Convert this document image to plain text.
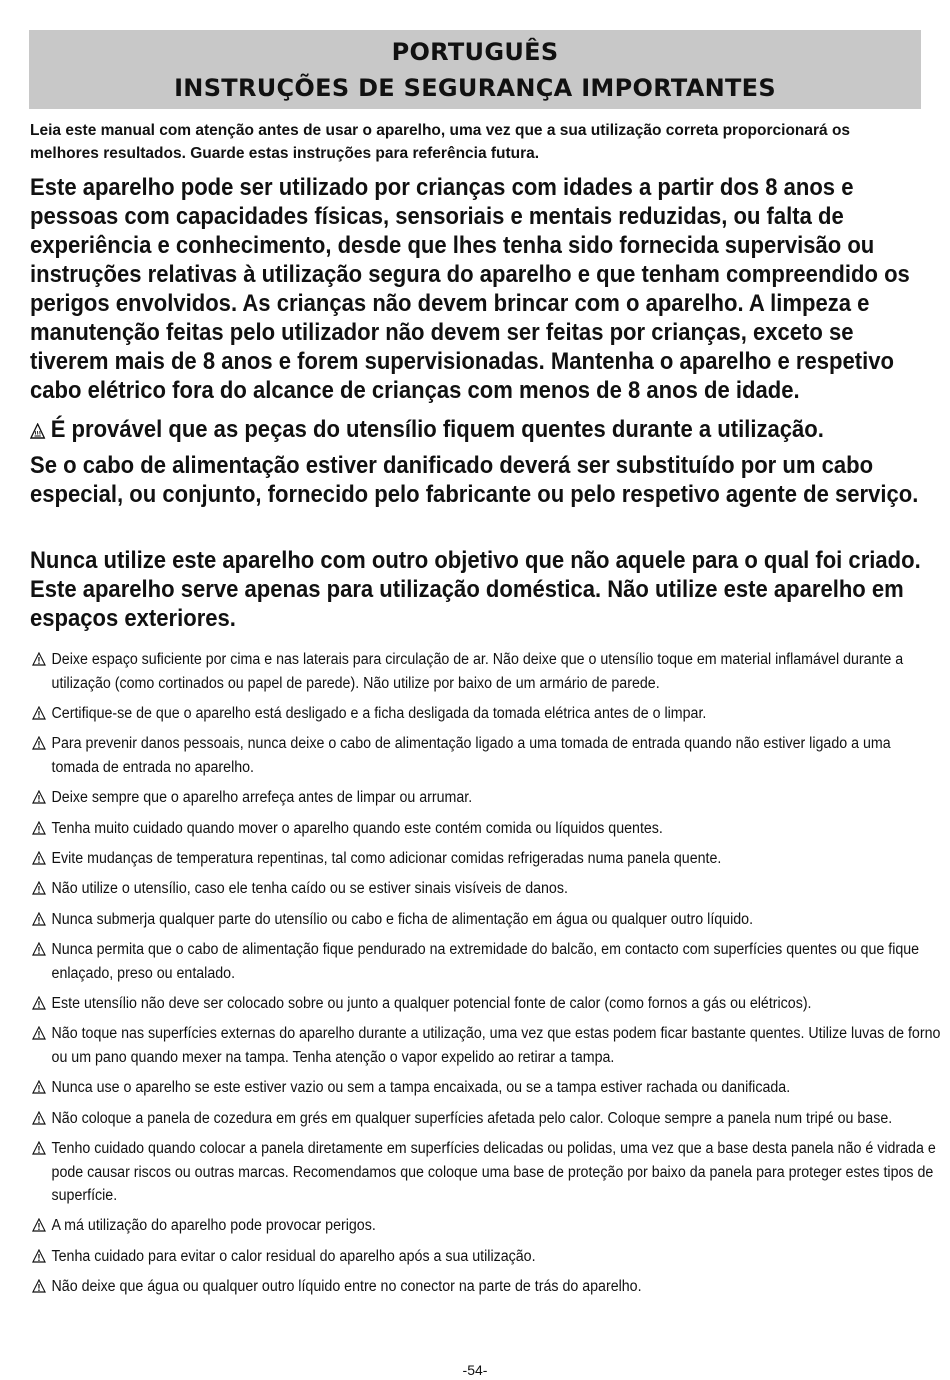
PORTUGUÊS
INSTRUÇÕES DE SEGURANÇA IMPORTANTES
Leia este manual com atenção antes de usar o aparelho, uma vez que a sua utilização correta proporcionará os melhores resultados. Guarde estas instruções para referência futura.
Este aparelho pode ser utilizado por crianças com idades a partir dos 8 anos e pessoas com capacidades físicas, sensoriais e mentais reduzidas, ou falta de experiência e conhecimento, desde que lhes tenha sido fornecida supervisão ou instruções relativas à utilização segura do aparelho e que tenham compreendido os perigos envolvidos. As crianças não devem brincar com o aparelho. A limpeza e manutenção feitas pelo utilizador não devem ser feitas por crianças, exceto se tiverem mais de 8 anos e forem supervisionadas. Mantenha o aparelho e respetivo cabo elétrico fora do alcance de crianças com menos de 8 anos de idade.
É provável que as peças do utensílio fiquem quentes durante a utilização.
Se o cabo de alimentação estiver danificado deverá ser substituído por um cabo especial, ou conjunto, fornecido pelo fabricante ou pelo respetivo agente de serviço.
Nunca utilize este aparelho com outro objetivo que não aquele para o qual foi criado. Este aparelho serve apenas para utilização doméstica. Não utilize este aparelho em espaços exteriores.
Deixe espaço suficiente por cima e nas laterais para circulação de ar. Não deixe que o utensílio toque em material inflamável durante a utilização (como cortinados ou papel de parede). Não utilize por baixo de um armário de parede.
Certifique-se de que o aparelho está desligado e a ficha desligada da tomada elétrica antes de o limpar.
Para prevenir danos pessoais, nunca deixe o cabo de alimentação ligado a uma tomada de entrada quando não estiver ligado a uma tomada de entrada no aparelho.
Deixe sempre que o aparelho arrefeça antes de limpar ou arrumar.
Tenha muito cuidado quando mover o aparelho quando este contém comida ou líquidos quentes.
Evite mudanças de temperatura repentinas, tal como adicionar comidas refrigeradas numa panela quente.
Não utilize o utensílio, caso ele tenha caído ou se estiver sinais visíveis de danos.
Nunca submerja qualquer parte do utensílio ou cabo e ficha de alimentação em água ou qualquer outro líquido.
Nunca permita que o cabo de alimentação fique pendurado na extremidade do balcão, em contacto com superfícies quentes ou que fique enlaçado, preso ou entalado.
Este utensílio não deve ser colocado sobre ou junto a qualquer potencial fonte de calor (como fornos a gás ou elétricos).
Não toque nas superfícies externas do aparelho durante a utilização, uma vez que estas podem ficar bastante quentes. Utilize luvas de forno ou um pano quando mexer na tampa. Tenha atenção o vapor expelido ao retirar a tampa.
Nunca use o aparelho se este estiver vazio ou sem a tampa encaixada, ou se a tampa estiver rachada ou danificada.
Não coloque a panela de cozedura em grés em qualquer superfícies afetada pelo calor. Coloque sempre a panela num tripé ou base.
Tenho cuidado quando colocar a panela diretamente em superfícies delicadas ou polidas, uma vez que a base desta panela não é vidrada e pode causar riscos ou outras marcas. Recomendamos que coloque uma base de proteção por baixo da panela para proteger estes tipos de superfície.
A má utilização do aparelho pode provocar perigos.
Tenha cuidado para evitar o calor residual do aparelho após a sua utilização.
Não deixe que água ou qualquer outro líquido entre no conector na parte de trás do aparelho.
-54-
